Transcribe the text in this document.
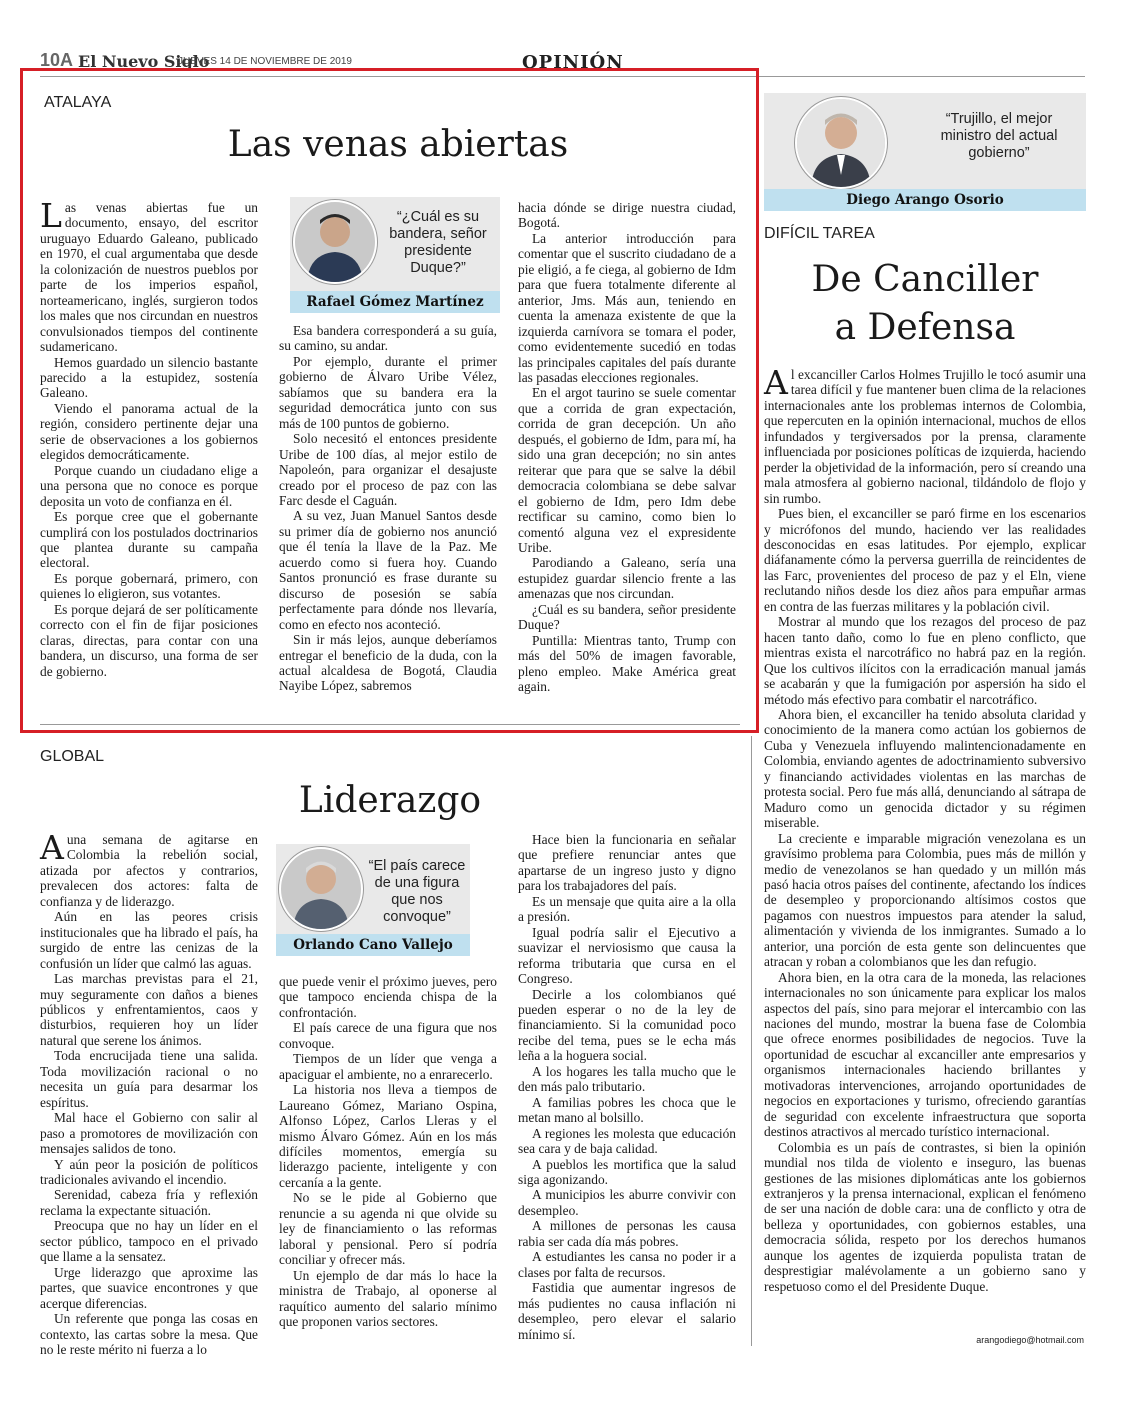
10A El Nuevo Siglo
JUEVES 14 DE NOVIEMBRE DE 2019	OPINIÓN
ATALAYA
Las venas abiertas

Las venas abiertas fue un documento, ensayo, del escritor uruguayo Eduardo Galeano, publicado en 1970, el cual argumentaba que desde la colonización de nuestros pueblos por parte de los imperios español, norteamericano, inglés, surgieron todos los males que nos circundan en nuestros convulsionados tiempos del continente sudamericano.

Hemos guardado un silencio bastante parecido a la estupidez, sostenía Galeano.

Viendo el panorama actual de la región, considero pertinente dejar una serie de observaciones a los gobiernos elegidos democráticamente.

Porque cuando un ciudadano elige a una persona que no conoce es porque deposita un voto de confianza en él.

Es porque cree que el gobernante cumplirá con los postulados doctrinarios que plantea durante su campaña electoral.

Es porque gobernará, primero, con quienes lo eligieron, sus votantes.

Es porque dejará de ser políticamente correcto con el fin de fijar posiciones claras, directas, para contar con una bandera, un discurso, una forma de ser de gobierno.

“¿Cuál es su bandera, señor presidente Duque?”
Rafael Gómez Martínez

Esa bandera corresponderá a su guía, su camino, su andar.

Por ejemplo, durante el primer gobierno de Álvaro Uribe Vélez, sabíamos que su bandera era la seguridad democrática junto con sus más de 100 puntos de gobierno.

Solo necesitó el entonces presidente Uribe de 100 días, al mejor estilo de Napoleón, para organizar el desajuste creado por el proceso de paz con las Farc desde el Caguán.

A su vez, Juan Manuel Santos desde su primer día de gobierno nos anunció que él tenía la llave de la Paz. Me acuerdo como si fuera hoy. Cuando Santos pronunció es frase durante su discurso de posesión se sabía perfectamente para dónde nos llevaría, como en efecto nos aconteció.

Sin ir más lejos, aunque deberíamos entregar el beneficio de la duda, con la actual alcaldesa de Bogotá, Claudia Nayibe López, sabremos

hacia dónde se dirige nuestra ciudad, Bogotá.

La anterior introducción para comentar que el suscrito ciudadano de a pie eligió, a fe ciega, al gobierno de Idm para que fuera totalmente diferente al anterior, Jms. Más aun, teniendo en cuenta la amenaza existente de que la izquierda carnívora se tomara el poder, como evidentemente sucedió en todas las principales capitales del país durante las pasadas elecciones regionales.

En el argot taurino se suele comentar que a corrida de gran expectación, corrida de gran decepción. Un año después, el gobierno de Idm, para mí, ha sido una gran decepción; no sin antes reiterar que para que se salve la débil democracia colombiana se debe salvar el gobierno de Idm, pero Idm debe rectificar su camino, como bien lo comentó alguna vez el expresidente Uribe.

Parodiando a Galeano, sería una estupidez guardar silencio frente a las amenazas que nos circundan.

¿Cuál es su bandera, señor presidente Duque?

Puntilla: Mientras tanto, Trump con más del 50% de imagen favorable, pleno empleo. Make América great again.

GLOBAL
Liderazgo

A una semana de agitarse en Colombia la rebelión social, atizada por afectos y contrarios, prevalecen dos actores: falta de confianza y de liderazgo.

Aún en las peores crisis institucionales que ha librado el país, ha surgido de entre las cenizas de la confusión un líder que calmó las aguas.

Las marchas previstas para el 21, muy seguramente con daños a bienes públicos y enfrentamientos, caos y disturbios, requieren hoy un líder natural que serene los ánimos.

Toda encrucijada tiene una salida. Toda movilización racional o no necesita un guía para desarmar los espíritus.

Mal hace el Gobierno con salir al paso a promotores de movilización con mensajes salidos de tono.

Y aún peor la posición de políticos tradicionales avivando el incendio.

Serenidad, cabeza fría y reflexión reclama la expectante situación.

Preocupa que no hay un líder en el sector público, tampoco en el privado que llame a la sensatez.

Urge liderazgo que aproxime las partes, que suavice encontrones y que acerque diferencias.

Un referente que ponga las cosas en contexto, las cartas sobre la mesa. Que no le reste mérito ni fuerza a lo

“El país carece de una figura que nos convoque”
Orlando Cano Vallejo

que puede venir el próximo jueves, pero que tampoco encienda chispa de la confrontación.

El país carece de una figura que nos convoque.

Tiempos de un líder que venga a apaciguar el ambiente, no a enrarecerlo.

La historia nos lleva a tiempos de Laureano Gómez, Mariano Ospina, Alfonso López, Carlos Lleras y el mismo Álvaro Gómez. Aún en los más difíciles momentos, emergía su liderazgo paciente, inteligente y con cercanía a la gente.

No se le pide al Gobierno que renuncie a su agenda ni que olvide su ley de financiamiento o las reformas laboral y pensional. Pero sí podría conciliar y ofrecer más.

Un ejemplo de dar más lo hace la ministra de Trabajo, al oponerse al raquítico aumento del salario mínimo que proponen varios sectores.

Hace bien la funcionaria en señalar que prefiere renunciar antes que apartarse de un ingreso justo y digno para los trabajadores del país.

Es un mensaje que quita aire a la olla a presión.

Igual podría salir el Ejecutivo a suavizar el nerviosismo que causa la reforma tributaria que cursa en el Congreso.

Decirle a los colombianos qué pueden esperar o no de la ley de financiamiento. Si la comunidad poco recibe del tema, pues se le echa más leña a la hoguera social.

A los hogares les talla mucho que le den más palo tributario.

A familias pobres les choca que le metan mano al bolsillo.

A regiones les molesta que educación sea cara y de baja calidad.

A pueblos les mortifica que la salud siga agonizando.

A municipios les aburre convivir con desempleo.

A millones de personas les causa rabia ser cada día más pobres.

A estudiantes les cansa no poder ir a clases por falta de recursos.

Fastidia que aumentar ingresos de más pudientes no causa inflación ni desempleo, pero elevar el salario mínimo sí.

“Trujillo, el mejor ministro del actual gobierno”
Diego Arango Osorio
DIFÍCIL TAREA
De Canciller
a Defensa

Al excanciller Carlos Holmes Trujillo le tocó asumir una tarea difícil y fue mantener buen clima de la relaciones internacionales ante los problemas internos de Colombia, que repercuten en la opinión internacional, muchos de ellos infundados y tergiversados por la prensa, claramente influenciada por posiciones políticas de izquierda, haciendo perder la objetividad de la información, pero sí creando una mala atmosfera al gobierno nacional, tildándolo de flojo y sin rumbo.

Pues bien, el excanciller se paró firme en los escenarios y micrófonos del mundo, haciendo ver las realidades desconocidas en esas latitudes. Por ejemplo, explicar diáfanamente cómo la perversa guerrilla de reincidentes de las Farc, provenientes del proceso de paz y el Eln, viene reclutando niños desde los diez años para empuñar armas en contra de las fuerzas militares y la población civil.

Mostrar al mundo que los rezagos del proceso de paz hacen tanto daño, como lo fue en pleno conflicto, que mientras exista el narcotráfico no habrá paz en la región. Que los cultivos ilícitos con la erradicación manual jamás se acabarán y que la fumigación por aspersión ha sido el método más efectivo para combatir el narcotráfico.

Ahora bien, el excanciller ha tenido absoluta claridad y conocimiento de la manera como actúan los gobiernos de Cuba y Venezuela influyendo malintencionadamente en Colombia, enviando agentes de adoctrinamiento subversivo y financiando actividades violentas en las marchas de protesta social. Pero fue más allá, denunciando al sátrapa de Maduro como un genocida dictador y su régimen miserable.

La creciente e imparable migración venezolana es un gravísimo problema para Colombia, pues más de millón y medio de venezolanos se han quedado y un millón más pasó hacia otros países del continente, afectando los índices de desempleo y proporcionando altísimos costos que pagamos con nuestros impuestos para atender la salud, alimentación y vivienda de los inmigrantes. Sumado a lo anterior, una porción de esta gente son delincuentes que atracan y roban a colombianos que les dan refugio.

Ahora bien, en la otra cara de la moneda, las relaciones internacionales no son únicamente para explicar los malos aspectos del país, sino para mejorar el intercambio con las naciones del mundo, mostrar la buena fase de Colombia que ofrece enormes posibilidades de negocios. Tuve la oportunidad de escuchar al excanciller ante empresarios y organismos internacionales haciendo brillantes y motivadoras intervenciones, arrojando oportunidades de negocios en exportaciones y turismo, ofreciendo garantías de seguridad con excelente infraestructura que soporta destinos atractivos al mercado turístico internacional.

Colombia es un país de contrastes, si bien la opinión mundial nos tilda de violento e inseguro, las buenas gestiones de las misiones diplomáticas ante los gobiernos extranjeros y la prensa internacional, explican el fenómeno de ser una nación de doble cara: una de conflicto y otra de belleza y oportunidades, con gobiernos estables, una democracia sólida, respeto por los derechos humanos aunque los agentes de izquierda populista tratan de desprestigiar malévolamente a un gobierno sano y respetuoso como el del Presidente Duque.

arangodiego@hotmail.com
